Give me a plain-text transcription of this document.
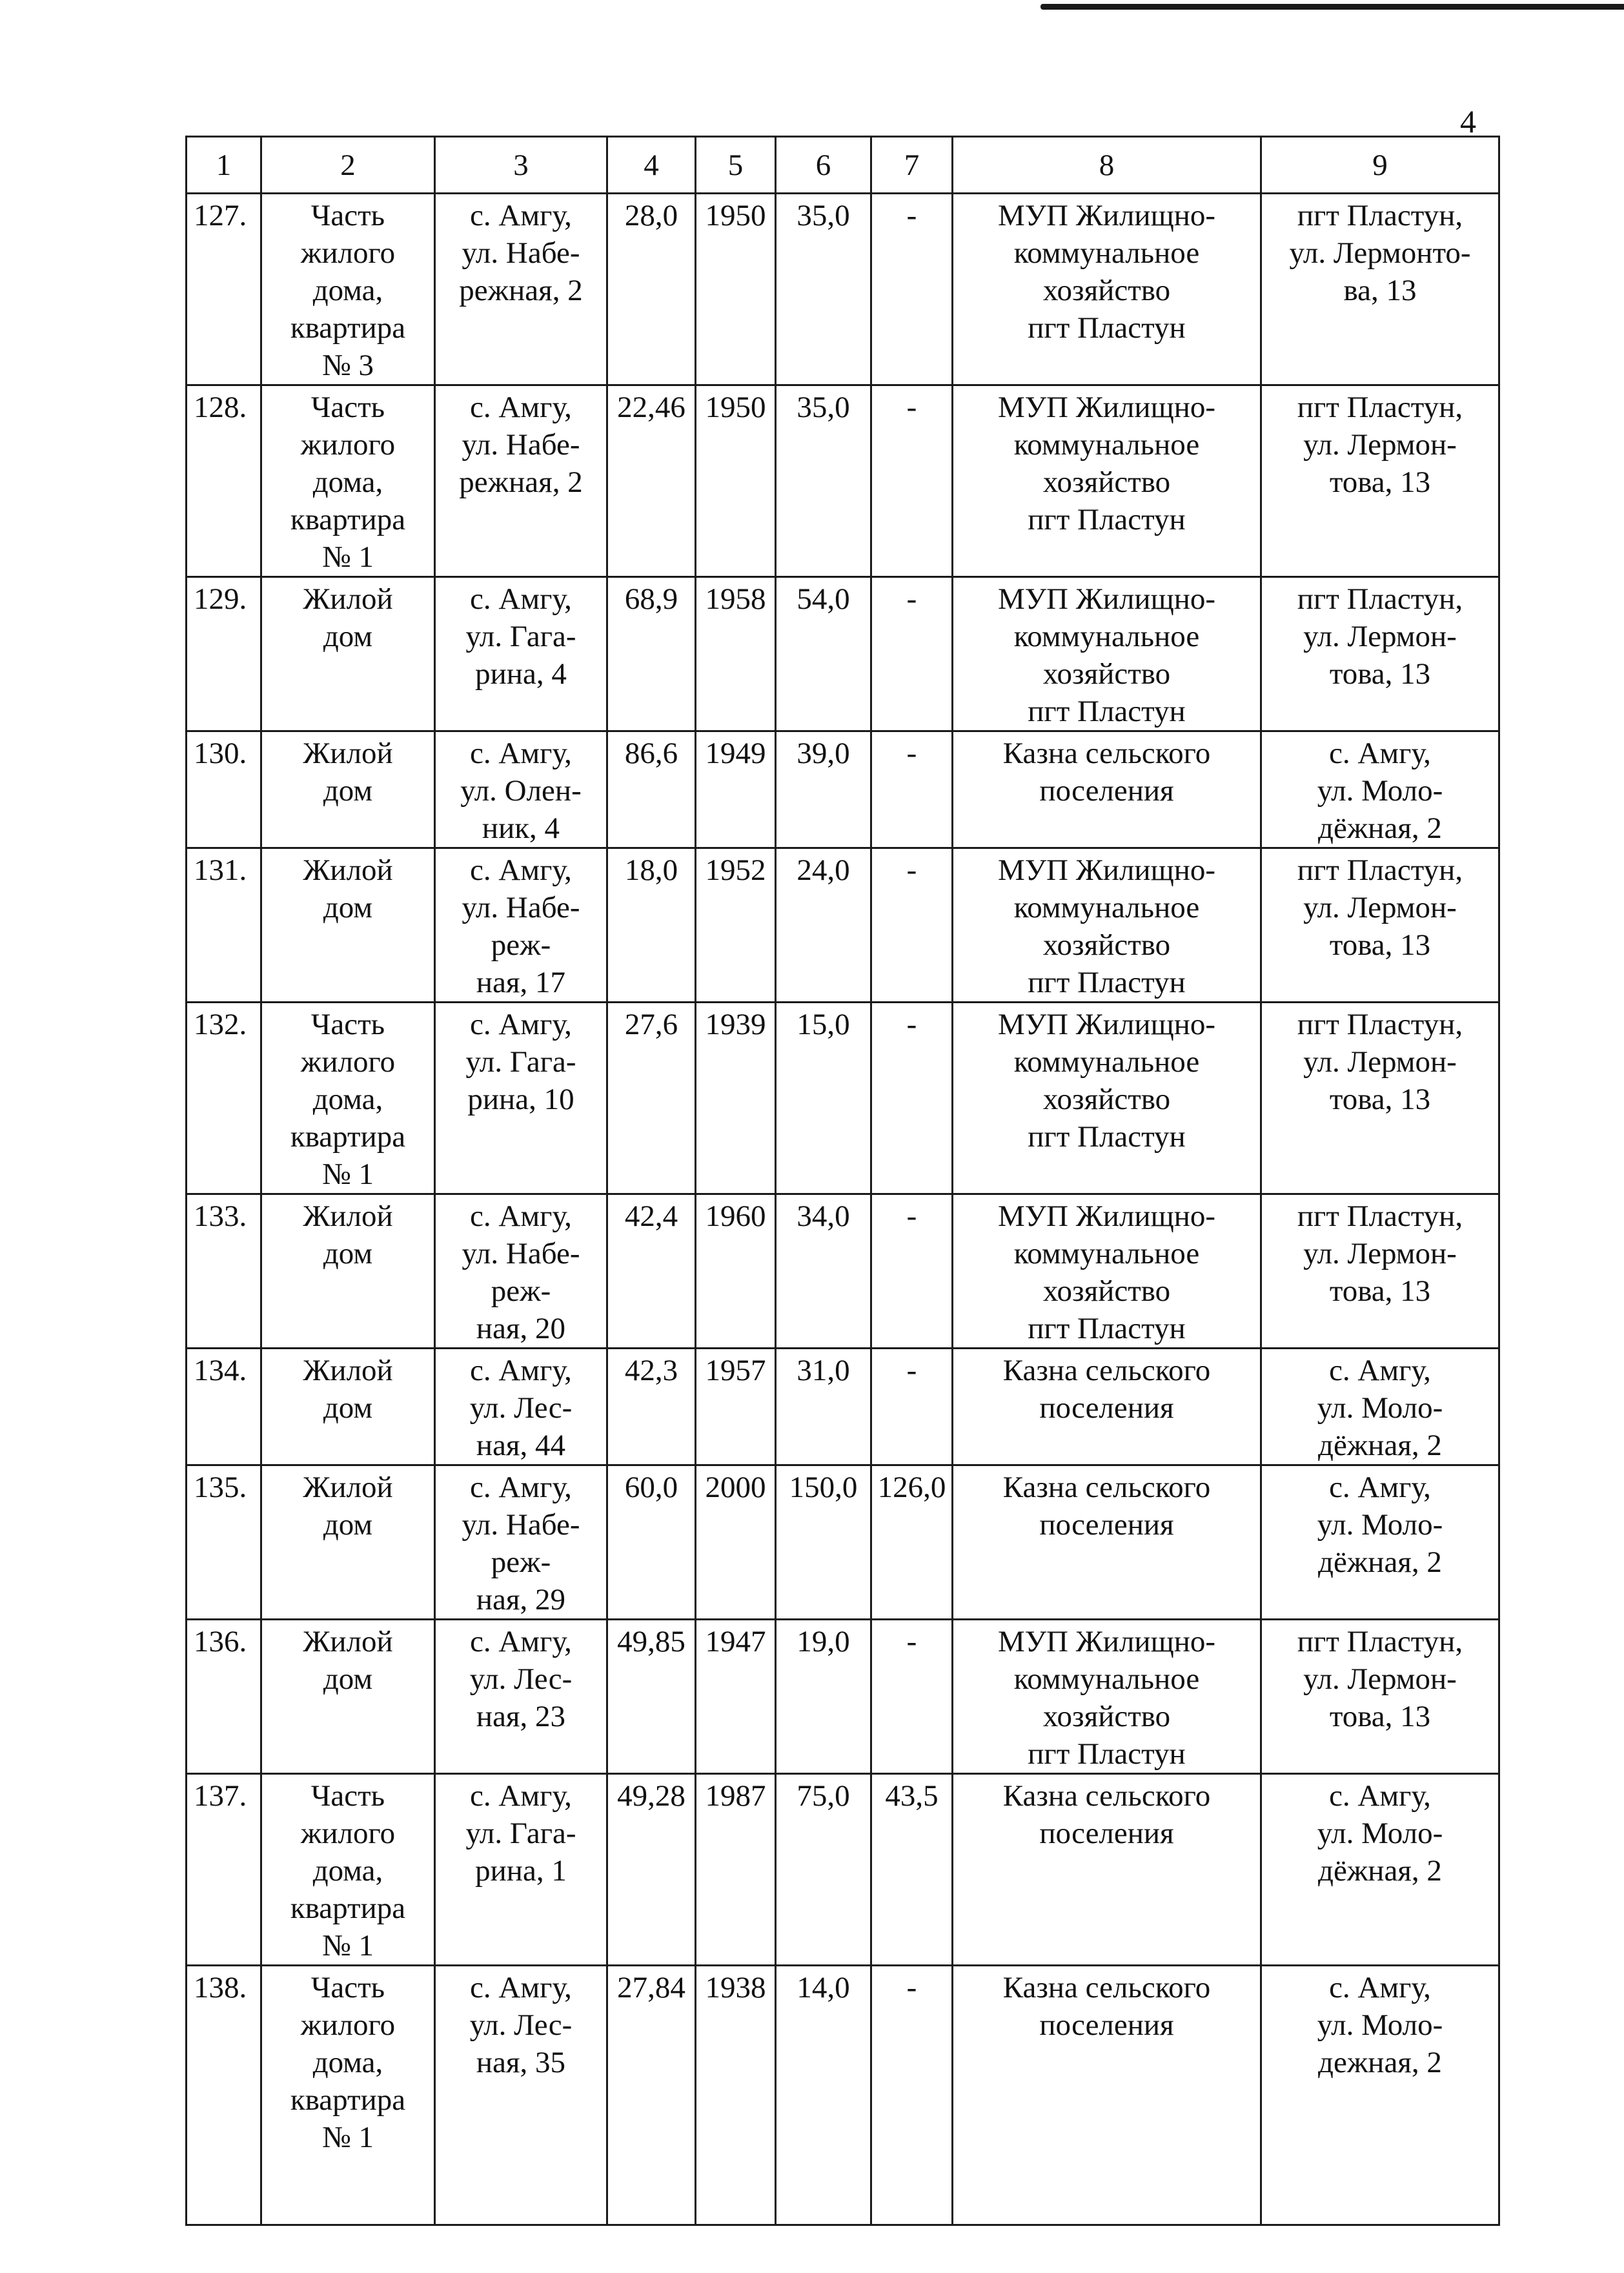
4
1	2	3	4	5	6	7	8	9
127.	Часть
жилого
дома,
квартира
№ 3	с. Амгу,
ул. Набе-
режная, 2	28,0	1950	35,0	-	МУП Жилищно-
коммунальное
хозяйство
пгт Пластун	пгт Пластун,
ул. Лермонто-
ва, 13
128.	Часть
жилого
дома,
квартира
№ 1	с. Амгу,
ул. Набе-
режная, 2	22,46	1950	35,0	-	МУП Жилищно-
коммунальное
хозяйство
пгт Пластун	пгт Пластун,
ул. Лермон-
това, 13
129.	Жилой
дом	с. Амгу,
ул. Гага-
рина, 4	68,9	1958	54,0	-	МУП Жилищно-
коммунальное
хозяйство
пгт Пластун	пгт Пластун,
ул. Лермон-
това, 13
130.	Жилой
дом	с. Амгу,
ул. Олен-
ник, 4	86,6	1949	39,0	-	Казна сельского
поселения	с. Амгу,
ул. Моло-
дёжная, 2
131.	Жилой
дом	с. Амгу,
ул. Набе-
реж-
ная, 17	18,0	1952	24,0	-	МУП Жилищно-
коммунальное
хозяйство
пгт Пластун	пгт Пластун,
ул. Лермон-
това, 13
132.	Часть
жилого
дома,
квартира
№ 1	с. Амгу,
ул. Гага-
рина, 10	27,6	1939	15,0	-	МУП Жилищно-
коммунальное
хозяйство
пгт Пластун	пгт Пластун,
ул. Лермон-
това, 13
133.	Жилой
дом	с. Амгу,
ул. Набе-
реж-
ная, 20	42,4	1960	34,0	-	МУП Жилищно-
коммунальное
хозяйство
пгт Пластун	пгт Пластун,
ул. Лермон-
това, 13
134.	Жилой
дом	с. Амгу,
ул. Лес-
ная, 44	42,3	1957	31,0	-	Казна сельского
поселения	с. Амгу,
ул. Моло-
дёжная, 2
135.	Жилой
дом	с. Амгу,
ул. Набе-
реж-
ная, 29	60,0	2000	150,0	126,0	Казна сельского
поселения	с. Амгу,
ул. Моло-
дёжная, 2
136.	Жилой
дом	с. Амгу,
ул. Лес-
ная, 23	49,85	1947	19,0	-	МУП Жилищно-
коммунальное
хозяйство
пгт Пластун	пгт Пластун,
ул. Лермон-
това, 13
137.	Часть
жилого
дома,
квартира
№ 1	с. Амгу,
ул. Гага-
рина, 1	49,28	1987	75,0	43,5	Казна сельского
поселения	с. Амгу,
ул. Моло-
дёжная, 2
138.	Часть
жилого
дома,
квартира
№ 1	с. Амгу,
ул. Лес-
ная, 35	27,84	1938	14,0	-	Казна сельского
поселения	с. Амгу,
ул. Моло-
дежная, 2
